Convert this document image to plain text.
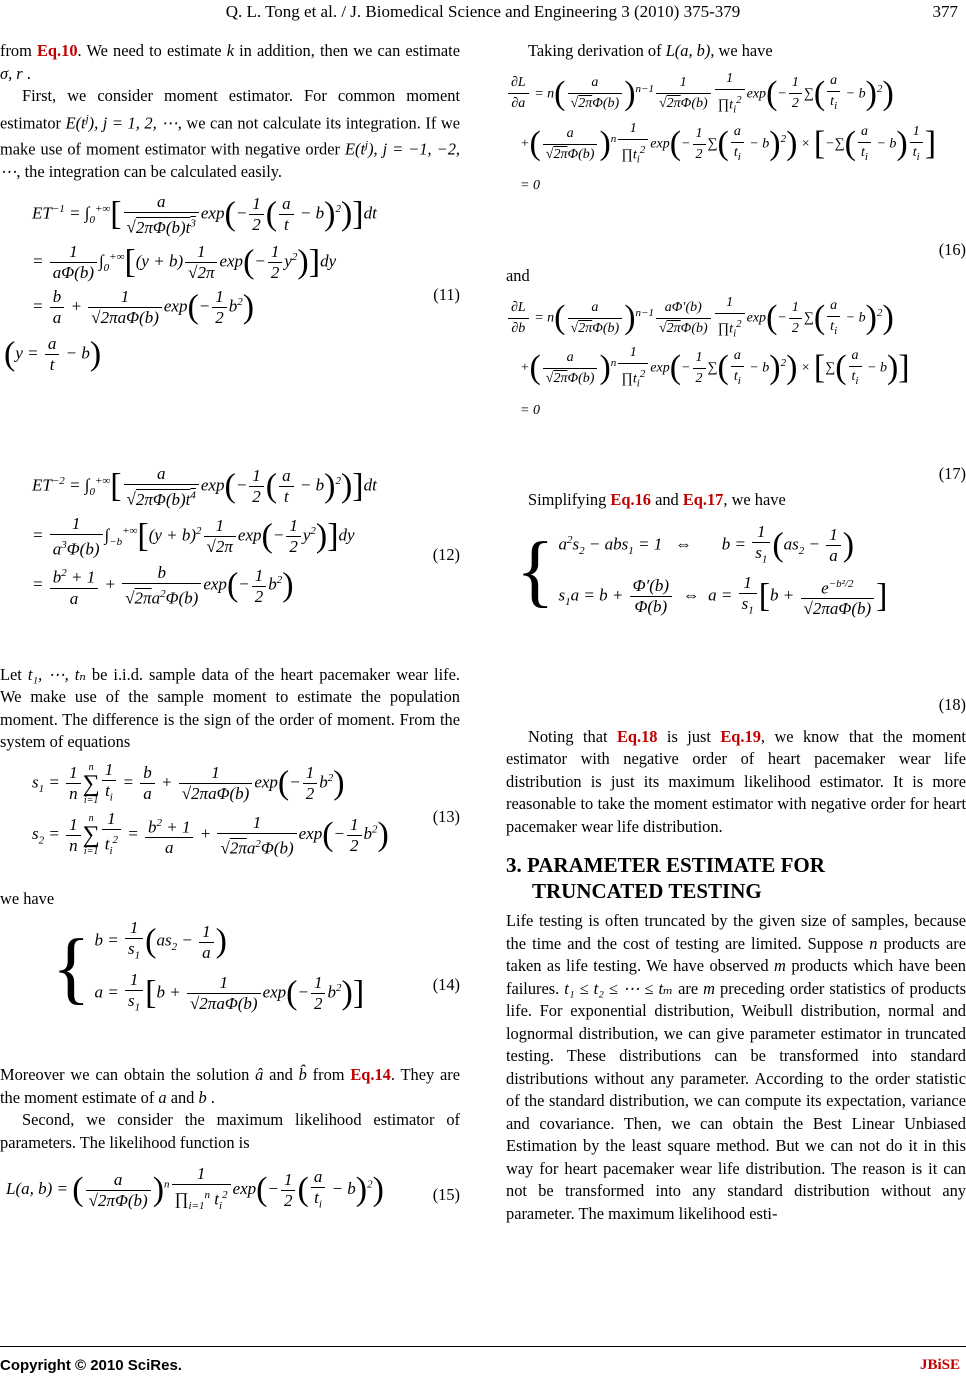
Q. L. Tong et al. / J. Biomedical Science and Engineering 3 (2010) 375-379	377

from Eq.10. We need to estimate k in addition, then we can estimate σ, r .

First, we consider moment estimator. For common moment estimator $E(t^j)$, j = 1, 2, ⋯, we can not calculate its integration. If we make use of moment estimator with negative order $E(t^j)$, j = −1, −2, ⋯, the integration can be calculated easily.

$ET^{-1} = \int_0^{+\infty}[ \frac{a}{√2\pi\Phi(b)t^3} \exp(- \frac{1}{2}$ ( $\frac{a}{t} - b)^2)]dt$
= $\frac{1}{a\Phi(b)} \int_0^{+\infty}[(y + b) \frac{1}{√2\pi} \exp(- \frac{1}{2} y^2)]dy$
= $\frac{b}{a} + \frac{1}{\text{√2πaΦ(b)}} \exp(- \frac{1}{2} b^2)$
$(y = \frac{a}{t} - b)$
(11)
$ET^{-2} = \int_0^{+\infty}[ \frac{a}{√2\pi\Phi(b)t^4} \exp(- \frac{1}{2}$ ( $\frac{a}{t} - b)^2)]dt$
= $\frac{1}{a^3\Phi(b)} \int_{-b}^{+\infty}[(y + b)^2 \frac{1}{√2\pi} \exp(- \frac{1}{2} y^2)]dy$
= $\frac{b^2 + 1}{a} + \frac{b}{√2\pi a^2\Phi(b)} \exp(- \frac{1}{2} b^2)$
(12)

Let t₁, ⋯, tₙ be i.i.d. sample data of the heart pacemaker wear life. We make use of the sample moment to estimate the population moment. The difference is the sign of the order of moment. From the system of equations

$s_1 = \frac{1}{n}$ n
∑
$i=1 \frac{1}{t_i} = \frac{b}{a} + \frac{1}{\text{√2πaΦ(b)}} \exp(- \frac{1}{2} b^2)$
$s_2 = \frac{1}{n}$ n
∑
$i=1 \frac{1}{t_i^2} = \frac{b^2 + 1}{a} + \frac{1}{√2\pi a^2\Phi(b)} \exp(- \frac{1}{2} b^2)$	(13)

we have

{ $b = \frac{1}{s_1} (as_2 - \frac{1}{a}$ )
$a = \frac{1}{s_1} [b + \frac{1}{\text{√2πaΦ(b)}} \exp(- \frac{1}{2} b^2)]$	(14)

Moreover we can obtain the solution â and b̂ from Eq.14. They are the moment estimate of a and b .

Second, we consider the maximum likelihood estimator of parameters. The likelihood function is

L(a, b) = ( $\frac{a}{√2\pi\Phi(b)} )^n \frac{1}{\prod_{i=1}^n t_i^2} \exp(- \frac{1}{2}$ ( $\frac{a}{t_i} - b)^2$)	(15)

Taking derivation of L(a, b), we have

$\frac{\partial L}{\partial a} = n( \frac{a}{√2\pi\Phi(b)} )^{n-1} \frac{1}{√2\pi\Phi(b)} \frac{1}{\prod t_i^2} \exp(- \frac{1}{2}$ ∑( $\frac{a}{t_i} - b)^2$)
+( $\frac{a}{√2\pi\Phi(b)} )^n \frac{1}{\prod t_i^2} \exp(- \frac{1}{2}$ ∑( $\frac{a}{t_i} - b)^2$) × [−∑( $\frac{a}{t_i} - b) \frac{1}{t_i}$ ]
= 0
(16)

and

$\frac{\partial L}{\partial b} = n( \frac{a}{√2\pi\Phi(b)} )^{n-1} \frac{a\Phi'(b)}{√2\pi\Phi(b)} \frac{1}{\prod t_i^2} \exp(- \frac{1}{2}$ ∑( $\frac{a}{t_i} - b)^2$)
+( $\frac{a}{√2\pi\Phi(b)} )^n \frac{1}{\prod t_i^2} \exp(- \frac{1}{2}$ ∑( $\frac{a}{t_i} - b)^2$) × [∑( $\frac{a}{t_i} - b$)]
= 0
(17)

Simplifying Eq.16 and Eq.17, we have

{ $a^2s_2 - abs_1 = 1$   ⇔       $b = \frac{1}{s_1} (as_2 - \frac{1}{a}$ )
$s_1a = b + \frac{\Phi'(b)}{\Phi(b)}$ ⇔  $a = \frac{1}{s_1} [b + \frac{e^{-b^2/2}}{\text{√2πaΦ(b)}}$ ]
(18)

Noting that Eq.18 is just Eq.19, we know that the moment estimator with negative order of heart pacemaker wear life distribution is just its maximum likelihood estimator. It is more reasonable to take the moment estimator with negative order for heart pacemaker wear life distribution.

3. PARAMETER ESTIMATE FOR
TRUNCATED TESTING

Life testing is often truncated by the given size of samples, because the time and the cost of testing are limited. Suppose n products are taken as life testing. We have observed m products which have been failures. t₁ ≤ t₂ ≤ ⋯ ≤ tₘ are m preceding order statistics of products life. For exponential distribution, Weibull distribution, normal and lognormal distribution, we can give parameter estimator in truncated testing. These distributions can be transformed into standard distributions without any parameter. According to the order statistic of the standard distribution, we can compute its expectation, variance and covariance. Then, we can obtain the Best Linear Unbiased Estimation by the least square method. But we can not do it in this way for heart pacemaker wear life distribution. The reason is it can not be transformed into any standard distribution without any parameter. The maximum likelihood esti-

Copyright © 2010 SciRes.	JBiSE
